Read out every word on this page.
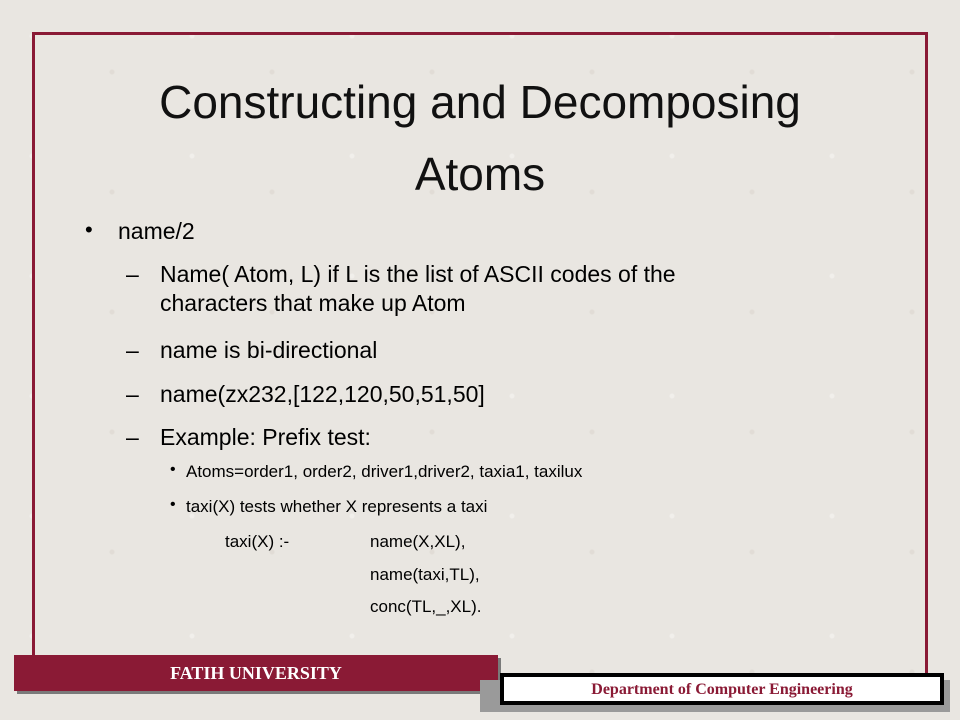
Constructing and Decomposing
Atoms
• name/2
– Name( Atom, L) if L is the list of ASCII codes of the
characters that make up Atom
– name is bi-directional
– name(zx232,[122,120,50,51,50]
– Example: Prefix test:
• Atoms=order1, order2, driver1,driver2, taxia1, taxilux
• taxi(X) tests whether X represents a taxi
taxi(X) :-	name(X,XL),
name(taxi,TL),
conc(TL,_,XL).
FATIH UNIVERSITY
Department of Computer Engineering
